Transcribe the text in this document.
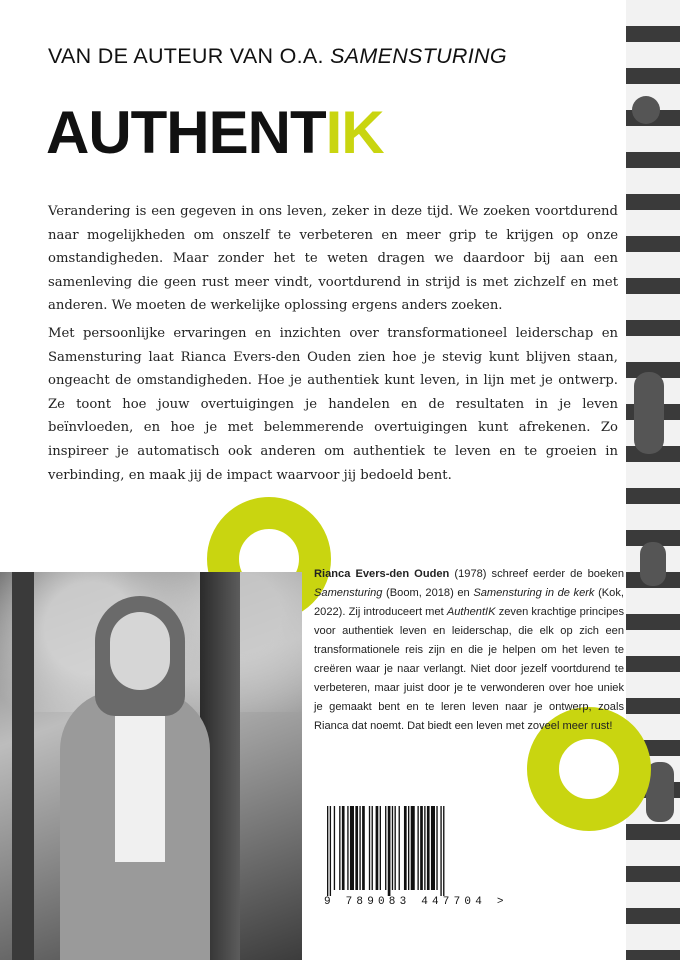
VAN DE AUTEUR VAN O.A. SAMENSTURING
AUTHENTIK

Verandering is een gegeven in ons leven, zeker in deze tijd. We zoeken voortdurend naar mogelijkheden om onszelf te verbeteren en meer grip te krijgen op onze omstandigheden. Maar zonder het te weten dragen we daardoor bij aan een samenleving die geen rust meer vindt, voortdurend in strijd is met zichzelf en met anderen. We moeten de werkelijke oplossing ergens anders zoeken.

Met persoonlijke ervaringen en inzichten over transformationeel leiderschap en Samensturing laat Rianca Evers-den Ouden zien hoe je stevig kunt blijven staan, ongeacht de omstandigheden. Hoe je authentiek kunt leven, in lijn met je ontwerp. Ze toont hoe jouw overtuigingen je handelen en de resultaten in je leven beïnvloeden, en hoe je met belemmerende overtuigingen kunt afrekenen. Zo inspireer je automatisch ook anderen om authentiek te leven en te groeien in verbinding, en maak jij de impact waarvoor jij bedoeld bent.

Rianca Evers-den Ouden (1978) schreef eerder de boeken Samensturing (Boom, 2018) en Samensturing in de kerk (Kok, 2022). Zij introduceert met AuthentIK zeven krachtige principes voor authentiek leven en leiderschap, die elk op zich een transformationele reis zijn en die je helpen om het leven te creëren waar je naar verlangt. Niet door jezelf voortdurend te verbeteren, maar juist door je te verwonderen over hoe uniek je gemaakt bent en te leren leven naar je ontwerp, zoals Rianca dat noemt. Dat biedt een leven met zoveel meer rust!

9 789083 447704 >
